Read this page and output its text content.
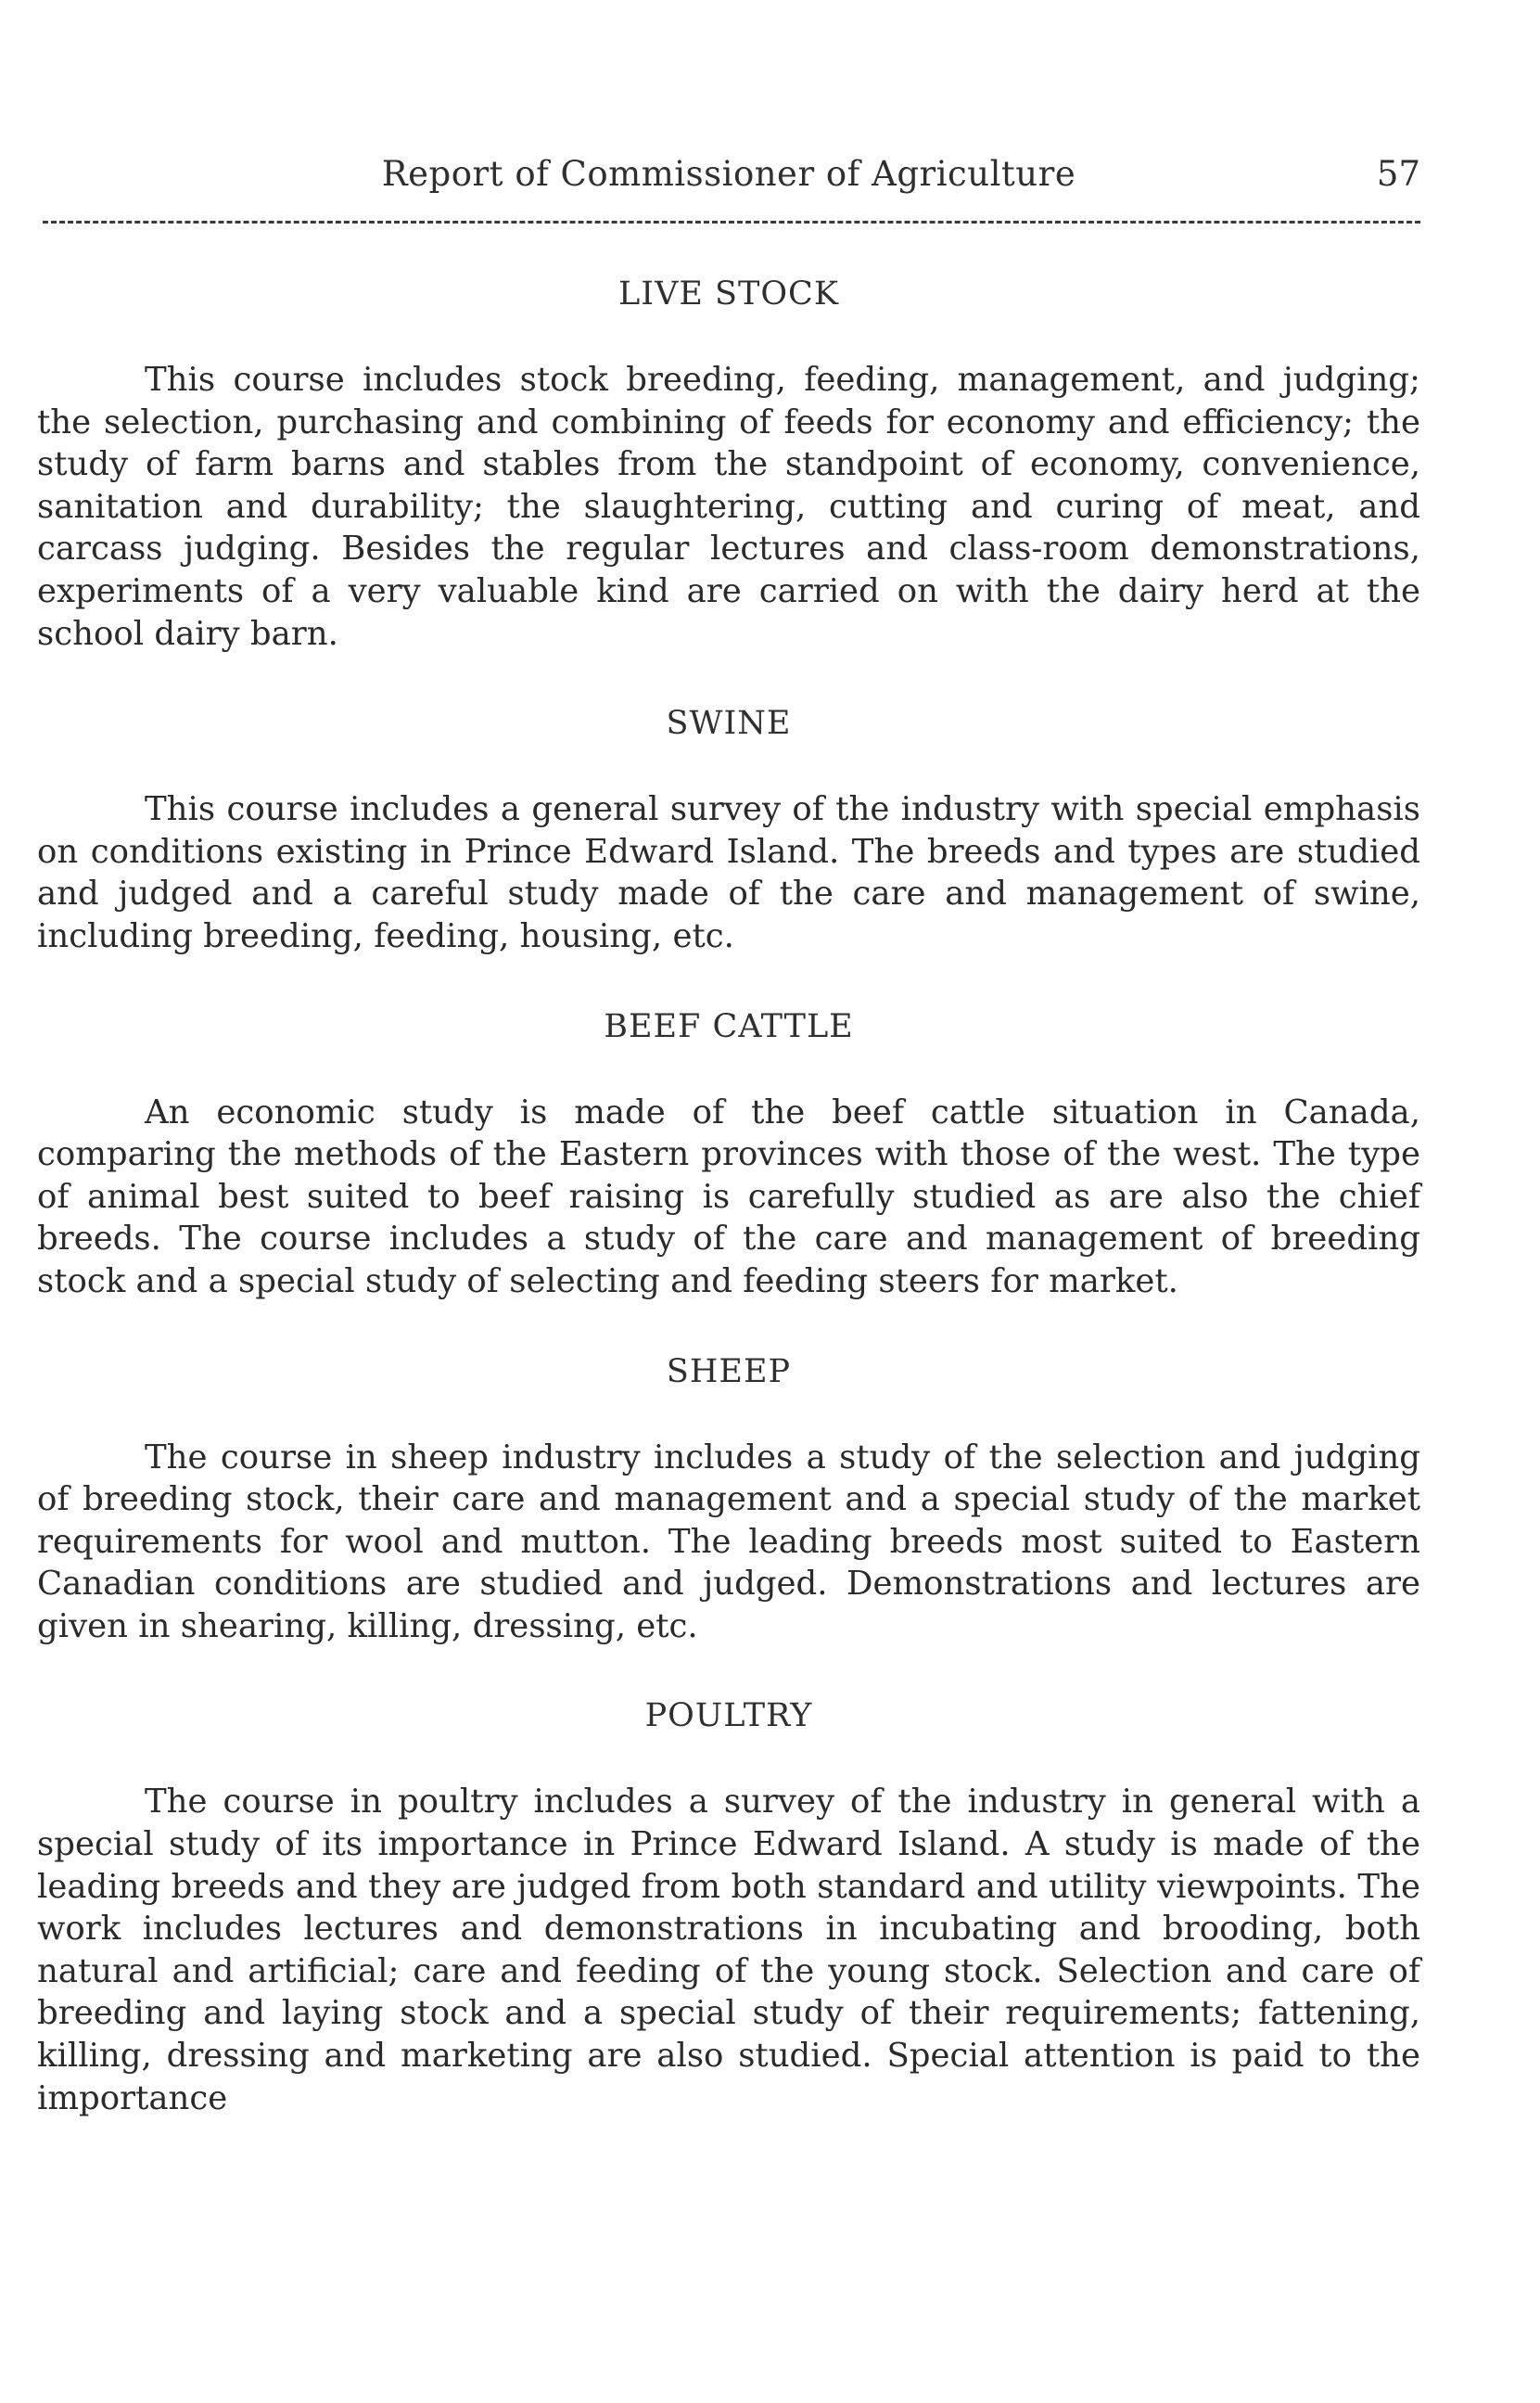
Report of Commissioner of Agriculture	57
LIVE STOCK

This course includes stock breeding, feeding, management, and judging; the selection, purchasing and combining of feeds for economy and efficiency; the study of farm barns and stables from the standpoint of economy, convenience, sanitation and durability; the slaughtering, cutting and curing of meat, and carcass judging. Besides the regular lectures and class-room demonstrations, experiments of a very valuable kind are carried on with the dairy herd at the school dairy barn.

SWINE

This course includes a general survey of the industry with special emphasis on conditions existing in Prince Edward Island. The breeds and types are studied and judged and a careful study made of the care and management of swine, including breeding, feeding, housing, etc.

BEEF CATTLE

An economic study is made of the beef cattle situation in Canada, comparing the methods of the Eastern provinces with those of the west. The type of animal best suited to beef raising is carefully studied as are also the chief breeds. The course includes a study of the care and management of breeding stock and a special study of selecting and feeding steers for market.

SHEEP

The course in sheep industry includes a study of the selection and judging of breeding stock, their care and management and a special study of the market requirements for wool and mutton. The leading breeds most suited to Eastern Canadian conditions are studied and judged. Demonstrations and lectures are given in shearing, killing, dressing, etc.

POULTRY

The course in poultry includes a survey of the industry in general with a special study of its importance in Prince Edward Island. A study is made of the leading breeds and they are judged from both standard and utility viewpoints. The work includes lectures and demonstrations in incubating and brooding, both natural and artificial; care and feeding of the young stock. Selection and care of breeding and laying stock and a special study of their requirements; fattening, killing, dressing and marketing are also studied. Special attention is paid to the importance
